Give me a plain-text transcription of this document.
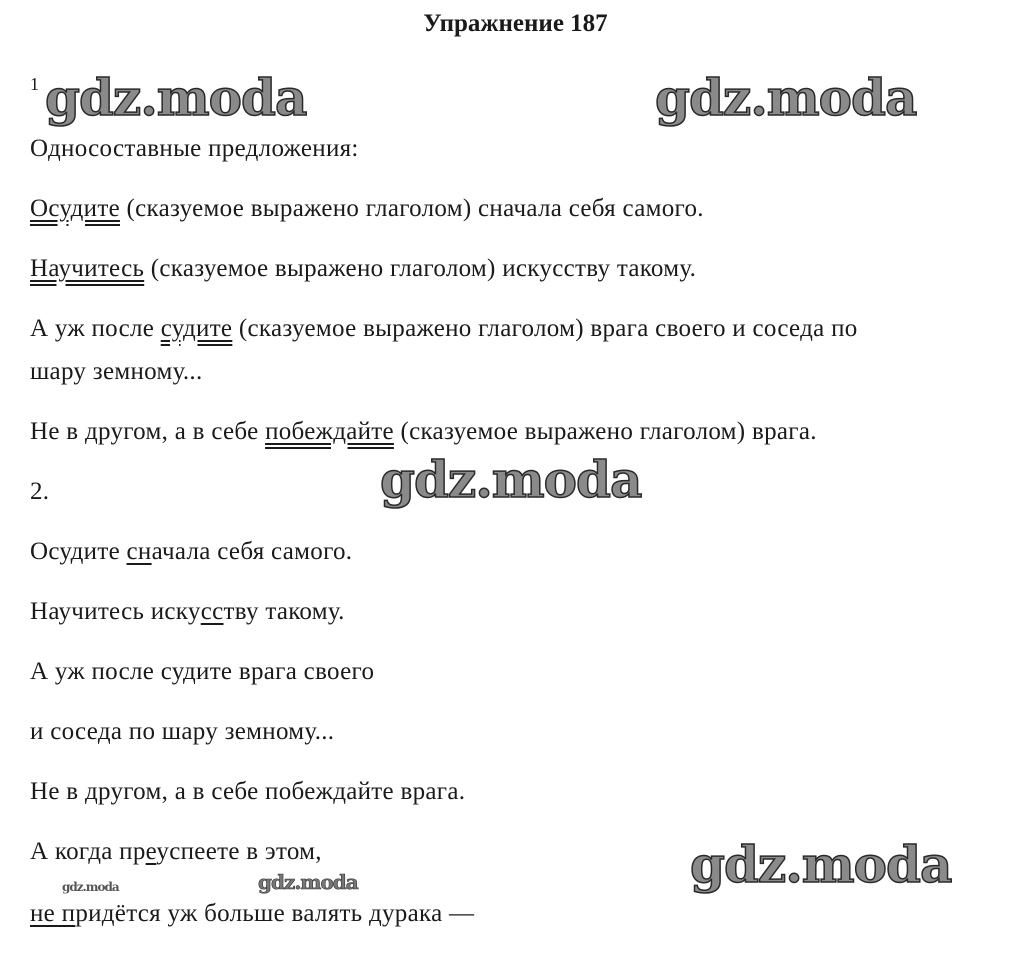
Упражнение 187
gdz.moda	gdz.moda
gdz.moda
gdz.moda
gdz.moda	gdz.moda
1
Односоставные предложения:
Осудите (сказуемое выражено глаголом) сначала себя самого.
Научитесь (сказуемое выражено глаголом) искусству такому.
А уж после судите (сказуемое выражено глаголом) врага своего и соседа по
шару земному...
Не в другом, а в себе побеждайте (сказуемое выражено глаголом) врага.
2.
Осудите сначала себя самого.
Научитесь искусству такому.
А уж после судите врага своего
и соседа по шару земному...
Не в другом, а в себе побеждайте врага.
А когда преуспеете в этом,
не придётся уж больше валять дурака —
